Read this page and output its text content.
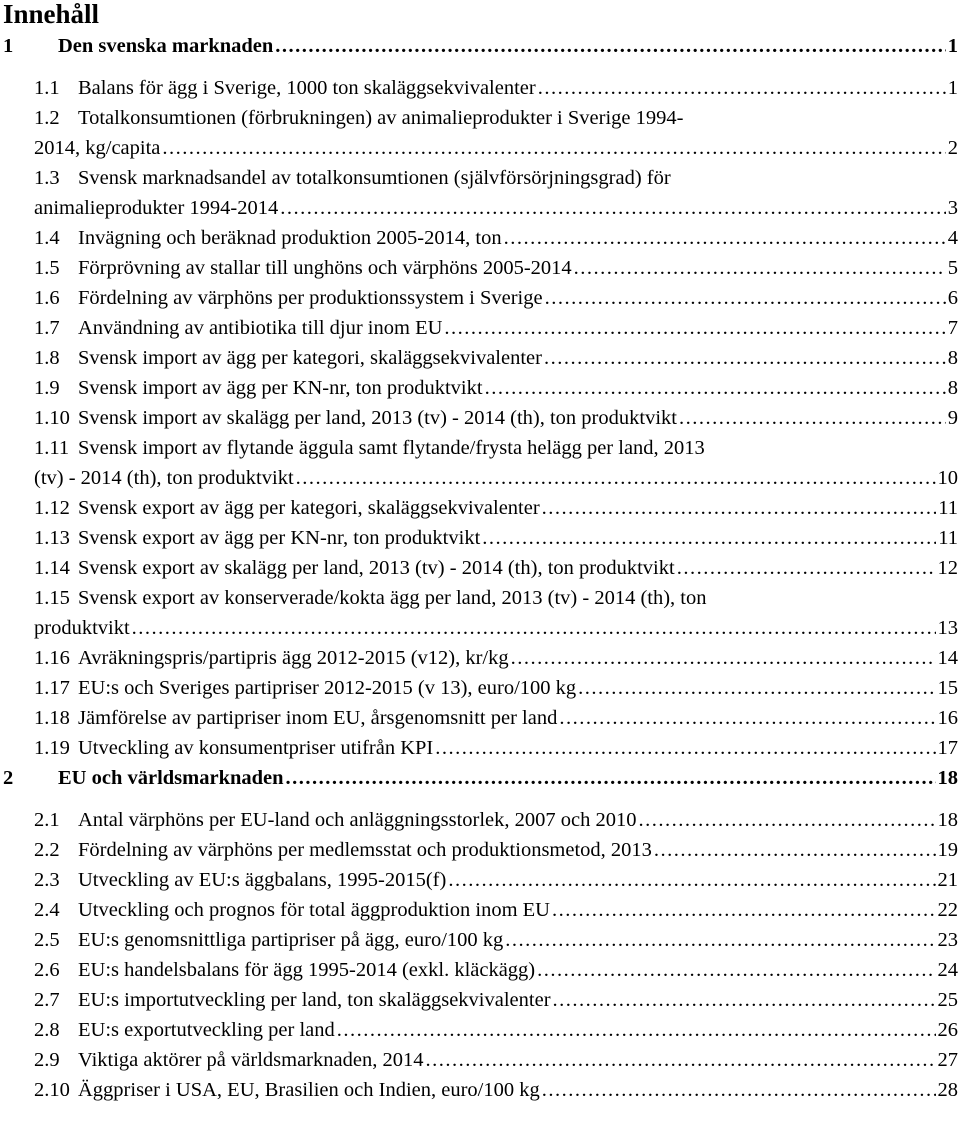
Innehåll
1	Den svenska marknaden .....	1
1.1 Balans för ägg i Sverige, 1000 ton skaläggsekvivalenter .....	1
1.2 Totalkonsumtionen (förbrukningen) av animalieprodukter i Sverige 1994-
2014, kg/capita .....	2
1.3 Svensk marknadsandel av totalkonsumtionen (självförsörjningsgrad) för
animalieprodukter 1994-2014 .....	3
1.4 Invägning och beräknad produktion 2005-2014, ton .....	4
1.5 Förprövning av stallar till unghöns och värphöns 2005-2014 .....	5
1.6 Fördelning av värphöns per produktionssystem i Sverige .....	6
1.7 Användning av antibiotika till djur inom EU .....	7
1.8 Svensk import av ägg per kategori, skaläggsekvivalenter .....	8
1.9 Svensk import av ägg per KN-nr, ton produktvikt .....	8
1.10 Svensk import av skalägg per land, 2013 (tv) - 2014 (th), ton produktvikt .....	9
1.11 Svensk import av flytande äggula samt flytande/frysta helägg per land, 2013
(tv) - 2014 (th), ton produktvikt .....	10
1.12 Svensk export av ägg per kategori, skaläggsekvivalenter .....	11
1.13 Svensk export av ägg per KN-nr, ton produktvikt .....	11
1.14 Svensk export av skalägg per land, 2013 (tv) - 2014 (th), ton produktvikt .....	12
1.15 Svensk export av konserverade/kokta ägg per land, 2013 (tv) - 2014 (th), ton
produktvikt .....	13
1.16 Avräkningspris/partipris ägg 2012-2015 (v12), kr/kg .....	14
1.17 EU:s och Sveriges partipriser 2012-2015 (v 13), euro/100 kg .....	15
1.18 Jämförelse av partipriser inom EU, årsgenomsnitt per land .....	16
1.19 Utveckling av konsumentpriser utifrån KPI .....	17
2	EU och världsmarknaden .....	18
2.1 Antal värphöns per EU-land och anläggningsstorlek, 2007 och 2010 .....	18
2.2 Fördelning av värphöns per medlemsstat och produktionsmetod, 2013 .....	19
2.3 Utveckling av EU:s äggbalans, 1995-2015(f) .....	21
2.4 Utveckling och prognos för total äggproduktion inom EU .....	22
2.5 EU:s genomsnittliga partipriser på ägg, euro/100 kg .....	23
2.6 EU:s handelsbalans för ägg 1995-2014 (exkl. kläckägg) .....	24
2.7 EU:s importutveckling per land, ton skaläggsekvivalenter .....	25
2.8 EU:s exportutveckling per land .....	26
2.9 Viktiga aktörer på världsmarknaden, 2014 .....	27
2.10 Äggpriser i USA, EU, Brasilien och Indien, euro/100 kg .....	28
